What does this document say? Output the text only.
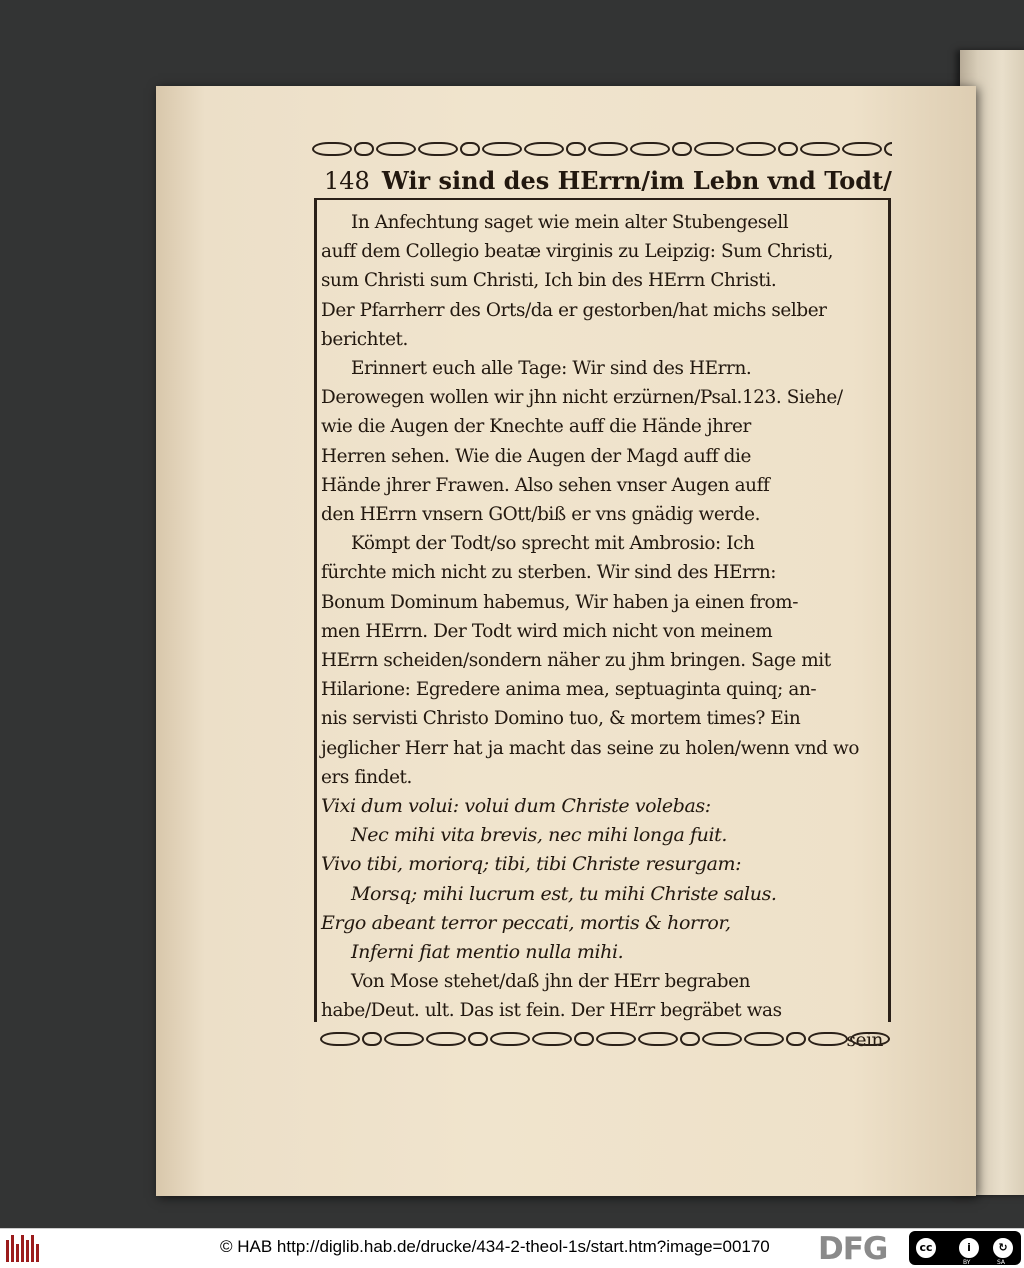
148 Wir sind des HErrn/im Lebn vnd Todt/
In Anfechtung saget wie mein alter Stubengesell
auff dem Collegio beatæ virginis zu Leipzig: Sum Christi,
sum Christi sum Christi, Ich bin des HErrn Christi.
Der Pfarrherr des Orts/da er gestorben/hat michs selber
berichtet.
Erinnert euch alle Tage: Wir sind des HErrn.
Derowegen wollen wir jhn nicht erzürnen/Psal.123. Siehe/
wie die Augen der Knechte auff die Hände jhrer
Herren sehen. Wie die Augen der Magd auff die
Hände jhrer Frawen. Also sehen vnser Augen auff
den HErrn vnsern GOtt/biß er vns gnädig werde.
Kömpt der Todt/so sprecht mit Ambrosio: Ich
fürchte mich nicht zu sterben. Wir sind des HErrn:
Bonum Dominum habemus, Wir haben ja einen from-
men HErrn. Der Todt wird mich nicht von meinem
HErrn scheiden/sondern näher zu jhm bringen. Sage mit
Hilarione: Egredere anima mea, septuaginta quinq; an-
nis servisti Christo Domino tuo, & mortem times? Ein
jeglicher Herr hat ja macht das seine zu holen/wenn vnd wo
ers findet.
Vixi dum volui: volui dum Christe volebas:
Nec mihi vita brevis, nec mihi longa fuit.
Vivo tibi, moriorq; tibi, tibi Christe resurgam:
Morsq; mihi lucrum est, tu mihi Christe salus.
Ergo abeant terror peccati, mortis & horror,
Inferni fiat mentio nulla mihi.
Von Mose stehet/daß jhn der HErr begraben
habe/Deut. ult. Das ist fein. Der HErr begräbet was
sein
© HAB http://diglib.hab.de/drucke/434-2-theol-1s/start.htm?image=00170 DFG	cc	i	↻
BY	SA
